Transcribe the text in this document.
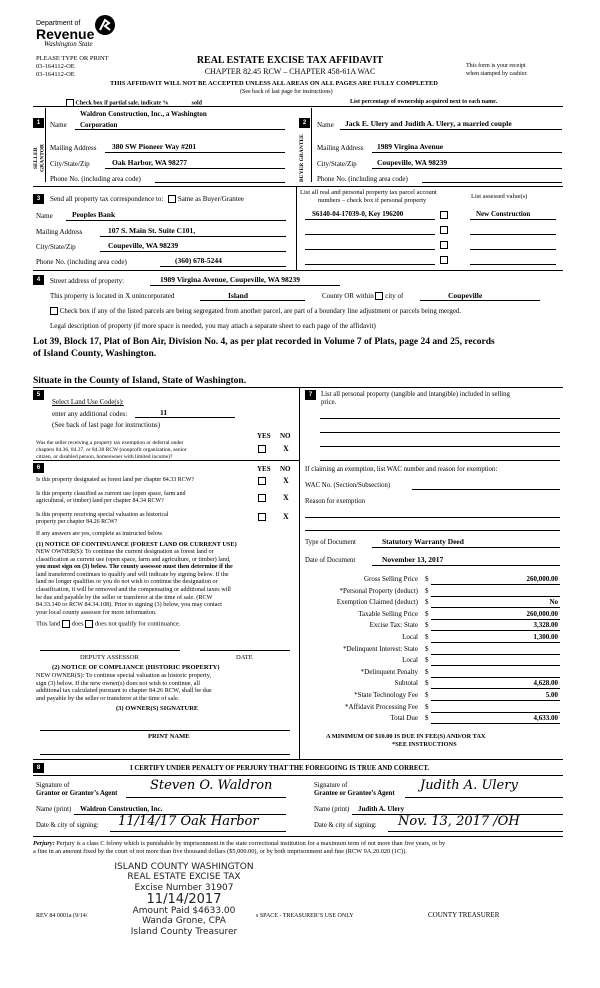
Department of
Revenue
Washington State
PLEASE TYPE OR PRINT
03-164112-OE
03-164112-OE
REAL ESTATE EXCISE TAX AFFIDAVIT
CHAPTER 82.45 RCW – CHAPTER 458-61A WAC
This form is your receipt
when stamped by cashier.
THIS AFFIDAVIT WILL NOT BE ACCEPTED UNLESS ALL AREAS ON ALL PAGES ARE FULLY COMPLETED
(See back of last page for instructions)
Check box if partial sale, indicate %	sold	List percentage of ownership acquired next to each name.
1
SELLER GRANTOR
Name
Waldron Construction, Inc., a Washington
Corporation
Mailing Address 380 SW Pioneer Way #201
City/State/Zip	Oak Harbor, WA 98277
Phone No. (including area code)
2
BUYER GRANTEE
Name Jack E. Ulery and Judith A. Ulery, a married couple
Mailing Address 1989 Virgina Avenue
City/State/Zip	Coupeville, WA 98239
Phone No. (including area code)
3	Send all property tax correspondence to: Same as Buyer/Grantee
Name	Peoples Bank
Mailing Address	107 S. Main St. Suite C101,
City/State/Zip	Coupeville, WA 98239
Phone No. (including area code)	(360) 678-5244
List all real and personal property tax parcel account
numbers – check box if personal property
List assessed value(s)
S6140-04-17039-0, Key 196200	New Construction
4	Street address of property:	1989 Virgina Avenue, Coupeville, WA 98239
This property is located in X unincorporated	Island	County OR within city of	Coupeville
Check box if any of the listed parcels are being segregated from another parcel, are part of a boundary line adjustment or parcels being merged.
Legal description of property (if more space is needed, you may attach a separate sheet to each page of the affidavit)
Lot 39, Block 17, Plat of Bon Air, Division No. 4, as per plat recorded in Volume 7 of Plats, page 24 and 25, records
of Island County, Washington.
Situate in the County of Island, State of Washington.
5
Select Land Use Code(s):
enter any additional codes:	11
(See back of last page for instructions)
YES NO
Was the seller receiving a property tax exemption or deferral under
chapters 84.36, 84.37, or 84.38 RCW (nonprofit organization, senior
citizen, or disabled person, homeowner with limited income)?
X
6	YES NO
Is this property designated as forest land per chapter 84.33 RCW?	X
Is this property classified as current use (open space, farm and
agricultural, or timber) land per chapter 84.34 RCW?	X
Is this property receiving special valuation as historical
property per chapter 84.26 RCW?
X
If any answers are yes, complete as instructed below.
(1) NOTICE OF CONTINUANCE (FOREST LAND OR CURRENT USE)
NEW OWNER(S): To continue the current designation as forest land or
classification as current use (open space, farm and agriculture, or timber) land,
you must sign on (3) below. The county assessor must then determine if the
land transferred continues to qualify and will indicate by signing below. If the
land no longer qualifies or you do not wish to continue the designation or
classification, it will be removed and the compensating or additional taxes will
be due and payable by the seller or transferor at the time of sale. (RCW
84.33.140 or RCW 84.34.108). Prior to signing (3) below, you may contact
your local county assessor for more information.
This land does does not qualify for continuance.
DEPUTY ASSESSOR	DATE
(2) NOTICE OF COMPLIANCE (HISTORIC PROPERTY)
NEW OWNER(S): To continue special valuation as historic property,
sign (3) below. If the new owner(s) does not wish to continue, all
additional tax calculated pursuant to chapter 84.26 RCW, shall be due
and payable by the seller or transferor at the time of sale.
(3) OWNER(S) SIGNATURE
PRINT NAME
7	List all personal property (tangible and intangible) included in selling
price.
If claiming an exemption, list WAC number and reason for exemption:
WAC No. (Section/Subsection)
Reason for exemption
Type of Document	Statutory Warranty Deed
Date of Document	November 13, 2017
Gross Selling Price $	260,000.00
*Personal Property (deduct) $
Exemption Claimed (deduct) $	No
Taxable Selling Price $	260,000.00
Excise Tax: State $	3,328.00
Local $	1,300.00
*Delinquent Interest: State $
Local $
*Delinquent Penalty $
Subtotal $	4,628.00
*State Technology Fee $	5.00
*Affidavit Processing Fee $
Total Due $	4,633.00
A MINIMUM OF $10.00 IS DUE IN FEE(S) AND/OR TAX
*SEE INSTRUCTIONS
8	I CERTIFY UNDER PENALTY OF PERJURY THAT THE FOREGOING IS TRUE AND CORRECT.
Signature of
Grantor or Grantor’s Agent
Steven O. Waldron
Name (print) Waldron Construction, Inc.
Date & city of signing: 11/14/17 Oak Harbor
Signature of
Grantee or Grantee’s Agent
Judith A. Ulery
Name (print) Judith A. Ulery
Date & city of signing: Nov. 13, 2017 /OH
Perjury: Perjury is a class C felony which is punishable by imprisonment in the state correctional institution for a maximum term of not more than five years, or by
a fine in an amount fixed by the court of not more than five thousand dollars ($5,000.00), or by both imprisonment and fine (RCW 9A.20.020 (1C)).
ISLAND COUNTY WASHINGTON
REAL ESTATE EXCISE TAX
Excise Number 31907
11/14/2017
Amount Paid $4633.00
Wanda Grone, CPA
Island County Treasurer
REV 84 0001a (9/14/	s SPACE - TREASURER’S USE ONLY	COUNTY TREASURER
